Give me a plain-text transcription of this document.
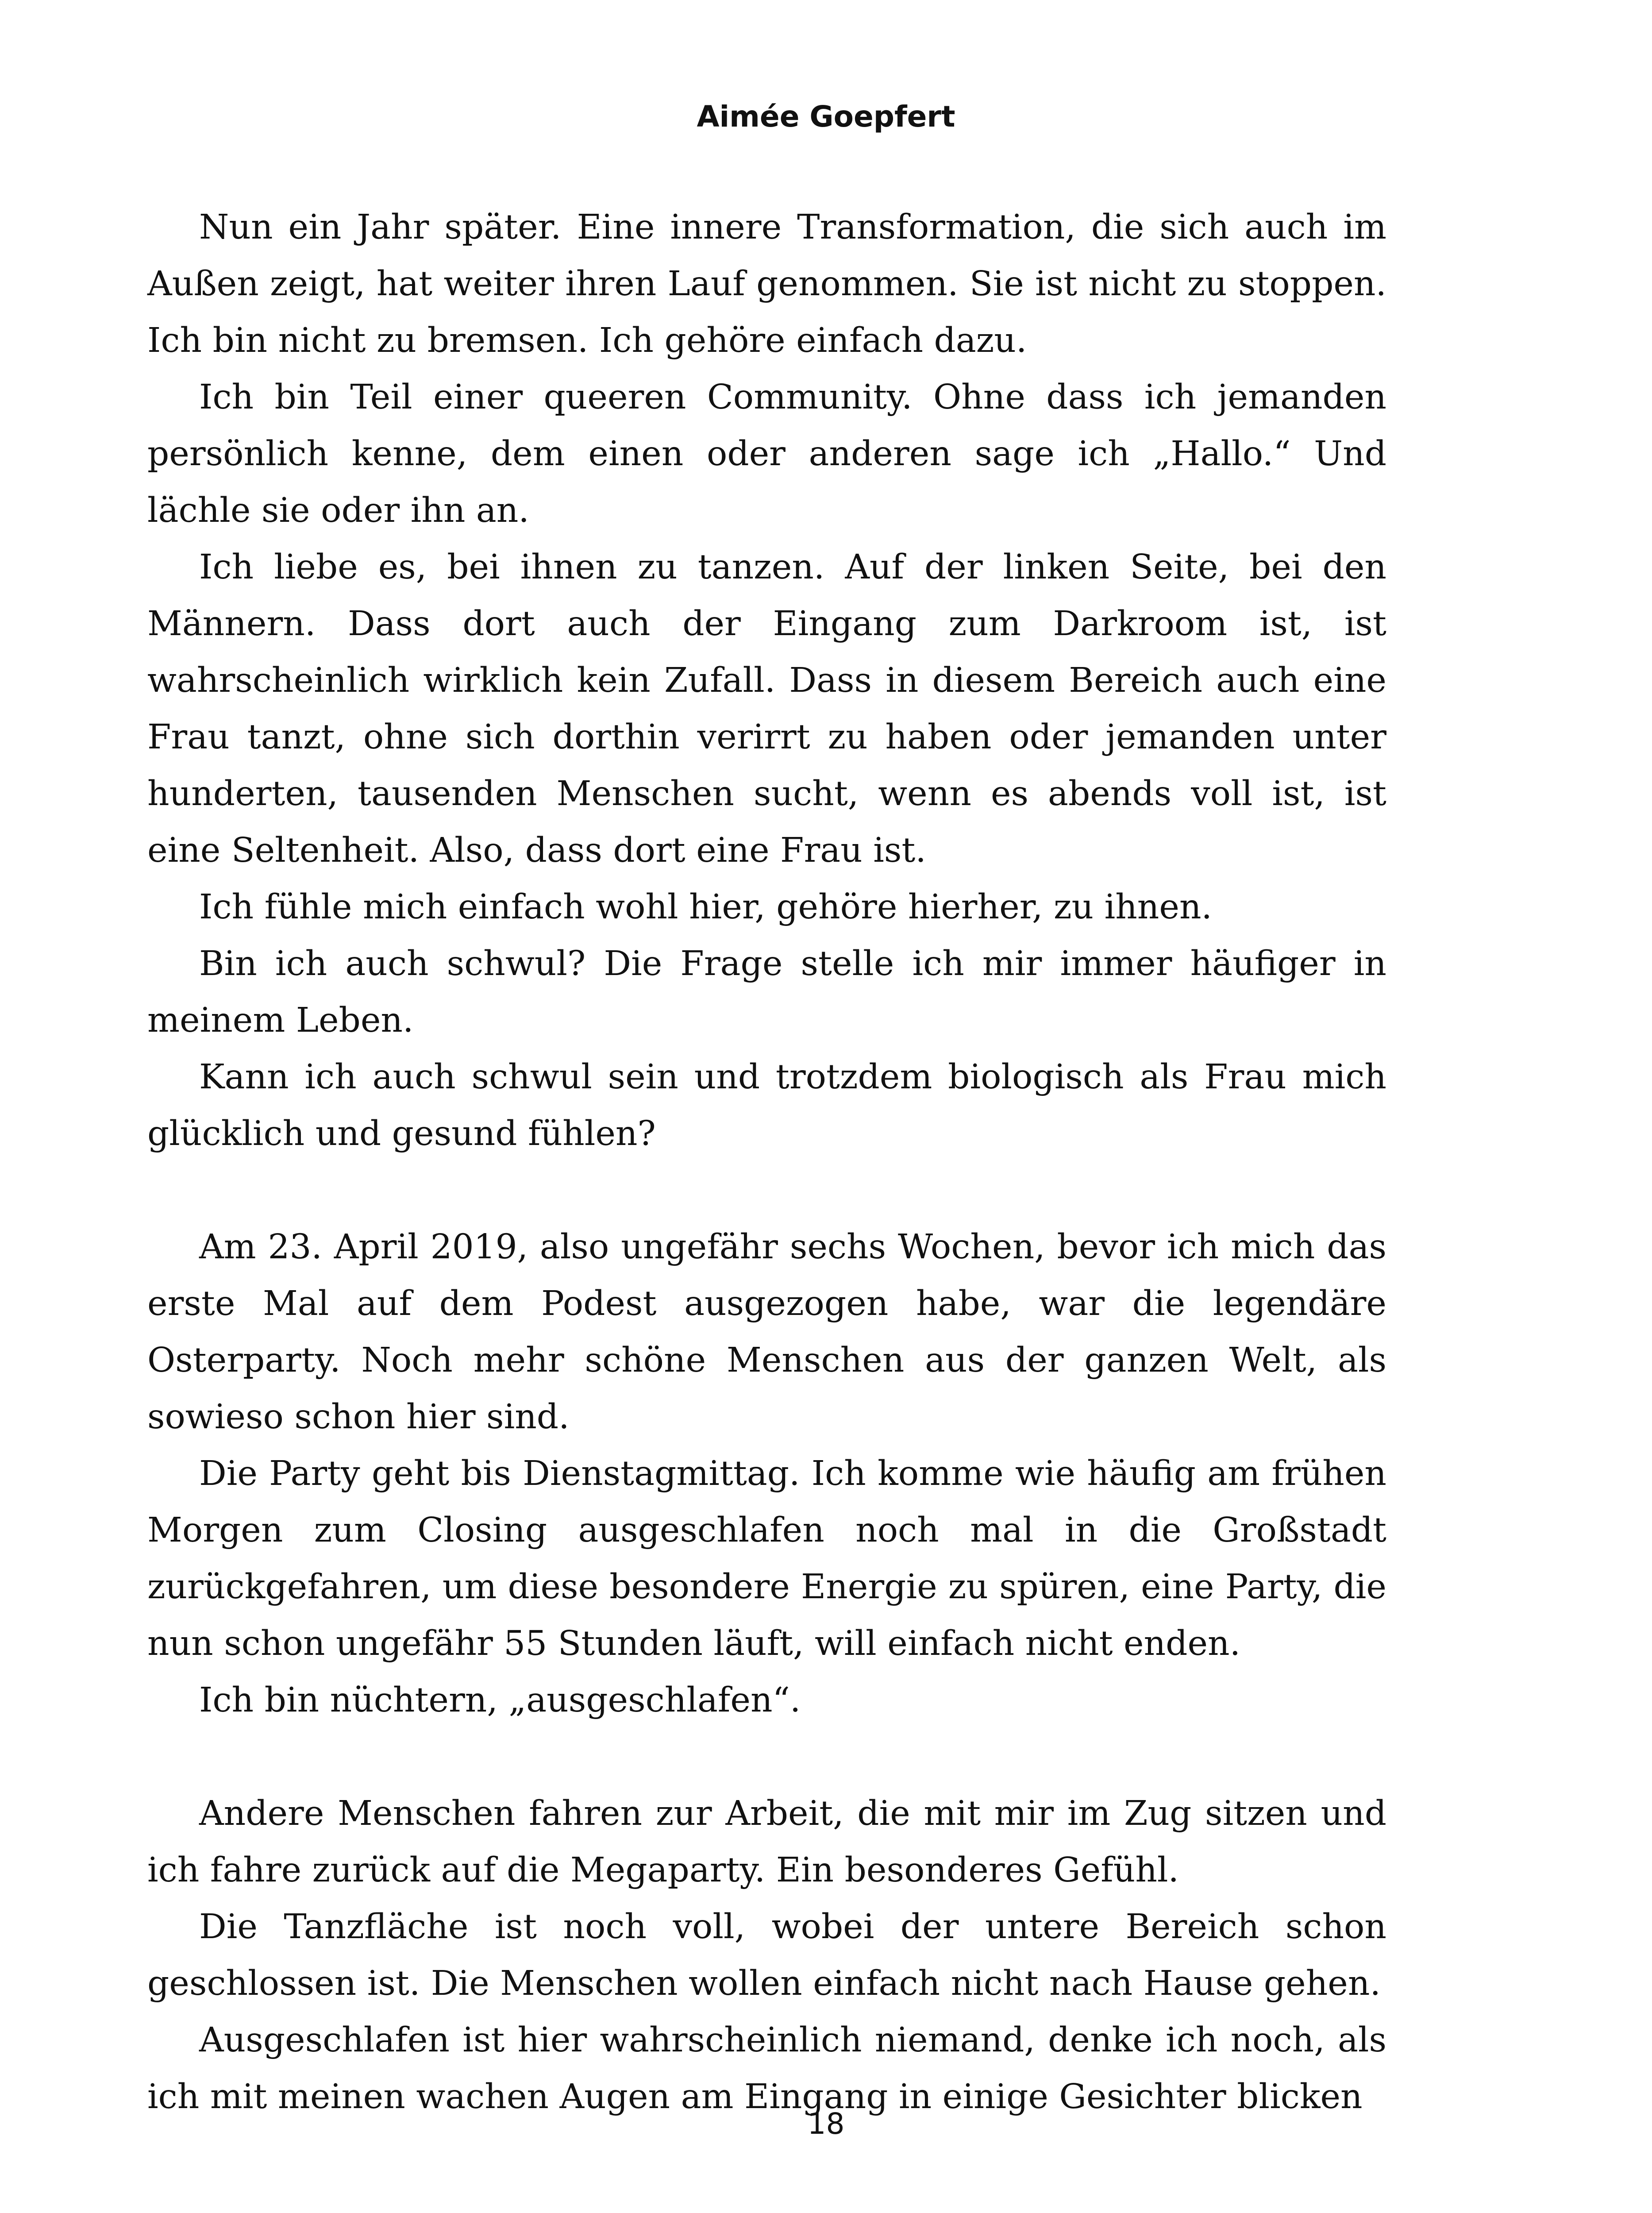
Aimée Goepfert

Nun ein Jahr später. Eine innere Transformation, die sich auch im Außen zeigt, hat weiter ihren Lauf genommen. Sie ist nicht zu stoppen. Ich bin nicht zu bremsen. Ich gehöre einfach dazu.

Ich bin Teil einer queeren Community. Ohne dass ich jemanden persönlich kenne, dem einen oder anderen sage ich „Hallo.“ Und lächle sie oder ihn an.

Ich liebe es, bei ihnen zu tanzen. Auf der linken Seite, bei den Männern. Dass dort auch der Eingang zum Darkroom ist, ist wahrscheinlich wirklich kein Zufall. Dass in diesem Bereich auch eine Frau tanzt, ohne sich dorthin verirrt zu haben oder jemanden unter hunderten, tausenden Menschen sucht, wenn es abends voll ist, ist eine Seltenheit. Also, dass dort eine Frau ist.

Ich fühle mich einfach wohl hier, gehöre hierher, zu ihnen.

Bin ich auch schwul? Die Frage stelle ich mir immer häufiger in meinem Leben.

Kann ich auch schwul sein und trotzdem biologisch als Frau mich glücklich und gesund fühlen?

Am 23. April 2019, also ungefähr sechs Wochen, bevor ich mich das erste Mal auf dem Podest ausgezogen habe, war die legendäre Osterparty. Noch mehr schöne Menschen aus der ganzen Welt, als sowieso schon hier sind.

Die Party geht bis Dienstagmittag. Ich komme wie häufig am frühen Morgen zum Closing ausgeschlafen noch mal in die Großstadt zurückgefahren, um diese besondere Energie zu spüren, eine Party, die nun schon ungefähr 55 Stunden läuft, will einfach nicht enden.

Ich bin nüchtern, „ausgeschlafen“.

Andere Menschen fahren zur Arbeit, die mit mir im Zug sitzen und ich fahre zurück auf die Megaparty. Ein besonderes Gefühl.

Die Tanzfläche ist noch voll, wobei der untere Bereich schon geschlossen ist. Die Menschen wollen einfach nicht nach Hause gehen.

Ausgeschlafen ist hier wahrscheinlich niemand, denke ich noch, als ich mit meinen wachen Augen am Eingang in einige Gesichter blicken

18
